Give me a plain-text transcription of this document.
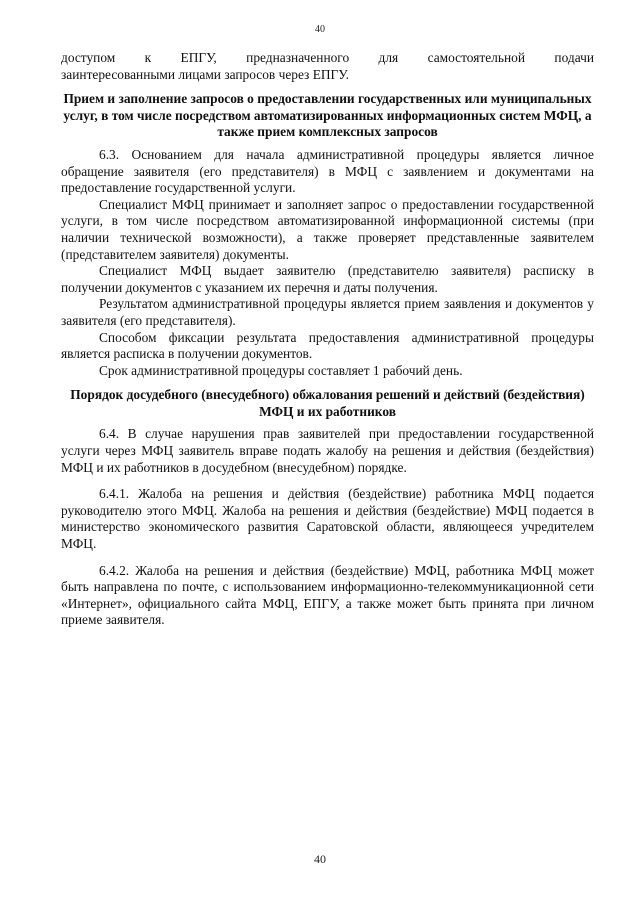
40

доступом к ЕПГУ, предназначенного для самостоятельной подачи

заинтересованными лицами запросов через ЕПГУ.

Прием и заполнение запросов о предоставлении государственных или муниципальных услуг, в том числе посредством автоматизированных информационных систем МФЦ, а также прием комплексных запросов

6.3. Основанием для начала административной процедуры является личное обращение заявителя (его представителя) в МФЦ с заявлением и документами на предоставление государственной услуги.

Специалист МФЦ принимает и заполняет запрос о предоставлении государственной услуги, в том числе посредством автоматизированной информационной системы (при наличии технической возможности), а также проверяет представленные заявителем (представителем заявителя) документы.

Специалист МФЦ выдает заявителю (представителю заявителя) расписку в получении документов с указанием их перечня и даты получения.

Результатом административной процедуры является прием заявления и документов у заявителя (его представителя).

Способом фиксации результата предоставления административной процедуры является расписка в получении документов.

Срок административной процедуры составляет 1 рабочий день.

Порядок досудебного (внесудебного) обжалования решений и действий (бездействия) МФЦ и их работников

6.4. В случае нарушения прав заявителей при предоставлении государственной услуги через МФЦ заявитель вправе подать жалобу на решения и действия (бездействия) МФЦ и их работников в досудебном (внесудебном) порядке.

6.4.1. Жалоба на решения и действия (бездействие) работника МФЦ подается руководителю этого МФЦ. Жалоба на решения и действия (бездействие) МФЦ подается в министерство экономического развития Саратовской области, являющееся учредителем МФЦ.

6.4.2. Жалоба на решения и действия (бездействие) МФЦ, работника МФЦ может быть направлена по почте, с использованием информационно-телекоммуникационной сети «Интернет», официального сайта МФЦ, ЕПГУ, а также может быть принята при личном приеме заявителя.

40
